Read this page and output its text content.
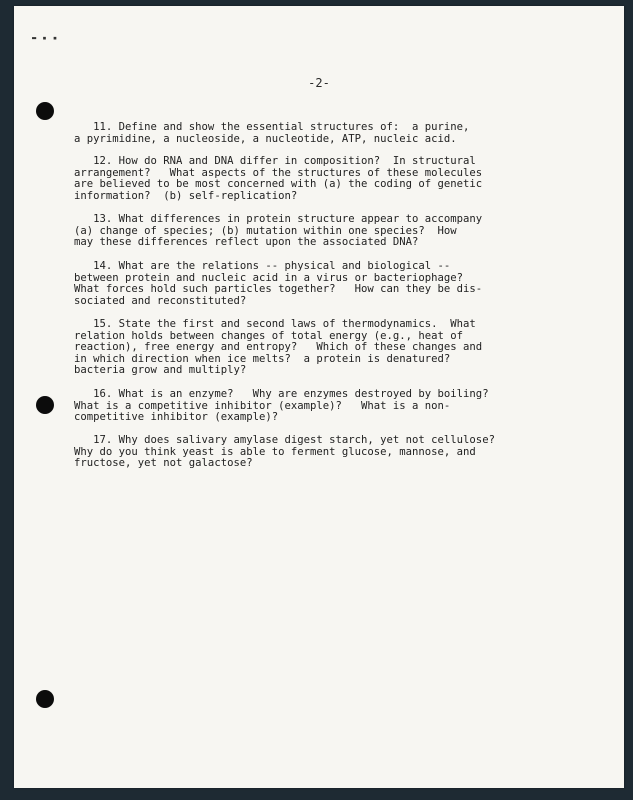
▬ ▪ ▪
-2-

11. Define and show the essential structures of:  a purine,
a pyrimidine, a nucleoside, a nucleotide, ATP, nucleic acid.

12. How do RNA and DNA differ in composition?  In structural
arrangement?   What aspects of the structures of these molecules
are believed to be most concerned with (a) the coding of genetic
information?  (b) self-replication?

13. What differences in protein structure appear to accompany
(a) change of species; (b) mutation within one species?  How
may these differences reflect upon the associated DNA?

14. What are the relations -- physical and biological --
between protein and nucleic acid in a virus or bacteriophage?
What forces hold such particles together?   How can they be dis-
sociated and reconstituted?

15. State the first and second laws of thermodynamics.  What
relation holds between changes of total energy (e.g., heat of
reaction), free energy and entropy?   Which of these changes and
in which direction when ice melts?  a protein is denatured?
bacteria grow and multiply?

16. What is an enzyme?   Why are enzymes destroyed by boiling?
What is a competitive inhibitor (example)?   What is a non-
competitive inhibitor (example)?

17. Why does salivary amylase digest starch, yet not cellulose?
Why do you think yeast is able to ferment glucose, mannose, and
fructose, yet not galactose?
